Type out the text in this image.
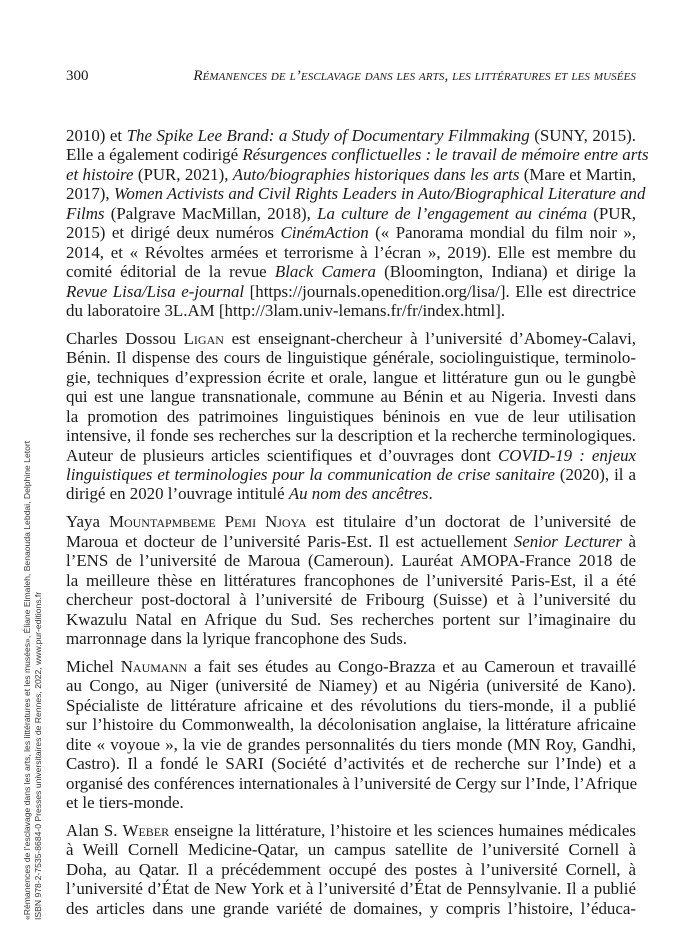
300	Rémanences de l’esclavage dans les arts, les littératures et les musées
2010) et The Spike Lee Brand: a Study of Documentary Filmmaking (SUNY, 2015).
Elle a également codirigé Résurgences conflictuelles : le travail de mémoire entre arts
et histoire (PUR, 2021), Auto/biographies historiques dans les arts (Mare et Martin,
2017), Women Activists and Civil Rights Leaders in Auto/Biographical Literature and
Films (Palgrave MacMillan, 2018), La culture de l’engagement au cinéma (PUR,
2015) et dirigé deux numéros CinémAction (« Panorama mondial du film noir »,
2014, et « Révoltes armées et terrorisme à l’écran », 2019). Elle est membre du
comité éditorial de la revue Black Camera (Bloomington, Indiana) et dirige la
Revue Lisa/Lisa e-journal [https://journals.openedition.org/lisa/]. Elle est directrice
du laboratoire 3L.AM [http://3lam.univ-lemans.fr/fr/index.html].
Charles Dossou Ligan est enseignant-chercheur à l’université d’Abomey-Calavi,
Bénin. Il dispense des cours de linguistique générale, sociolinguistique, terminolo-
gie, techniques d’expression écrite et orale, langue et littérature gun ou le gungbè
qui est une langue transnationale, commune au Bénin et au Nigeria. Investi dans
la promotion des patrimoines linguistiques béninois en vue de leur utilisation
intensive, il fonde ses recherches sur la description et la recherche terminologiques.
Auteur de plusieurs articles scientifiques et d’ouvrages dont COVID-19 : enjeux
linguistiques et terminologies pour la communication de crise sanitaire (2020), il a
dirigé en 2020 l’ouvrage intitulé Au nom des ancêtres.
Yaya Mountapmbeme Pemi Njoya est titulaire d’un doctorat de l’université de
Maroua et docteur de l’université Paris-Est. Il est actuellement Senior Lecturer à
l’ENS de l’université de Maroua (Cameroun). Lauréat AMOPA-France 2018 de
la meilleure thèse en littératures francophones de l’université Paris-Est, il a été
chercheur post-doctoral à l’université de Fribourg (Suisse) et à l’université du
Kwazulu Natal en Afrique du Sud. Ses recherches portent sur l’imaginaire du
marronnage dans la lyrique francophone des Suds.
Michel Naumann a fait ses études au Congo-Brazza et au Cameroun et travaillé
au Congo, au Niger (université de Niamey) et au Nigéria (université de Kano).
Spécialiste de littérature africaine et des révolutions du tiers-monde, il a publié
sur l’histoire du Commonwealth, la décolonisation anglaise, la littérature africaine
dite « voyoue », la vie de grandes personnalités du tiers monde (MN Roy, Gandhi,
Castro). Il a fondé le SARI (Société d’activités et de recherche sur l’Inde) et a
organisé des conférences internationales à l’université de Cergy sur l’Inde, l’Afrique
et le tiers-monde.
Alan S. Weber enseigne la littérature, l’histoire et les sciences humaines médicales
à Weill Cornell Medicine-Qatar, un campus satellite de l’université Cornell à
Doha, au Qatar. Il a précédemment occupé des postes à l’université Cornell, à
l’université d’État de New York et à l’université d’État de Pennsylvanie. Il a publié
des articles dans une grande variété de domaines, y compris l’histoire, l’éduca-
«Rémanences de l’esclavage dans les arts, les littératures et les musées», Éliane Elmaleh, Benaouda Lebdai, Delphine Letort ISBN 978-2-7535-8684-0 Presses universitaires de Rennes, 2022, www.pur-editions.fr
